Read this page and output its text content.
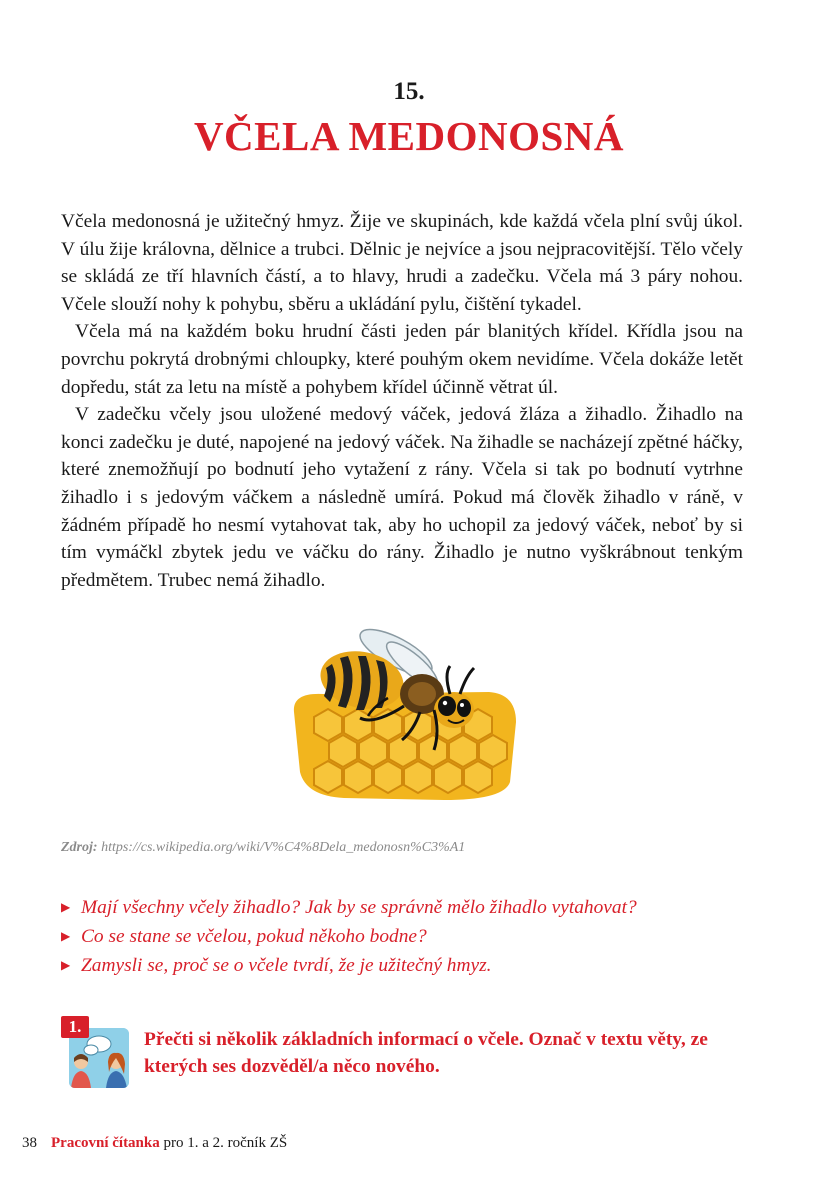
15.
VČELA MEDONOSNÁ

Včela medonosná je užitečný hmyz. Žije ve skupinách, kde každá včela plní svůj úkol. V úlu žije královna, dělnice a trubci. Dělnic je nejvíce a jsou nejpracovitější. Tělo včely se skládá ze tří hlavních částí, a to hlavy, hrudi a zadečku. Včela má 3 páry nohou. Včele slouží nohy k pohybu, sběru a ukládání pylu, čištění tykadel.

Včela má na každém boku hrudní části jeden pár blanitých křídel. Křídla jsou na povrchu pokrytá drobnými chloupky, které pouhým okem nevidíme. Včela dokáže letět dopředu, stát za letu na místě a pohybem křídel účinně větrat úl.

V zadečku včely jsou uložené medový váček, jedová žláza a žihadlo. Žihadlo na konci zadečku je duté, napojené na jedový váček. Na žihadle se nacházejí zpětné háčky, které znemožňují po bodnutí jeho vytažení z rány. Včela si tak po bodnutí vytrhne žihadlo i s jedovým váčkem a následně umírá. Pokud má člověk žihadlo v ráně, v žádném případě ho nesmí vytahovat tak, aby ho uchopil za jedový váček, neboť by si tím vymáčkl zbytek jedu ve váčku do rány. Žihadlo je nutno vyškrábnout tenkým předmětem. Trubec nemá žihadlo.

Zdroj: https://cs.wikipedia.org/wiki/V%C4%8Dela_medonosn%C3%A1
▶ Mají všechny včely žihadlo? Jak by se správně mělo žihadlo vytahovat?
▶ Co se stane se včelou, pokud někoho bodne?
▶ Zamysli se, proč se o včele tvrdí, že je užitečný hmyz.
1.
Přečti si několik základních informací o včele. Označ v textu věty, ze kterých ses dozvěděl/a něco nového.
38 Pracovní čítanka pro 1. a 2. ročník ZŠ
